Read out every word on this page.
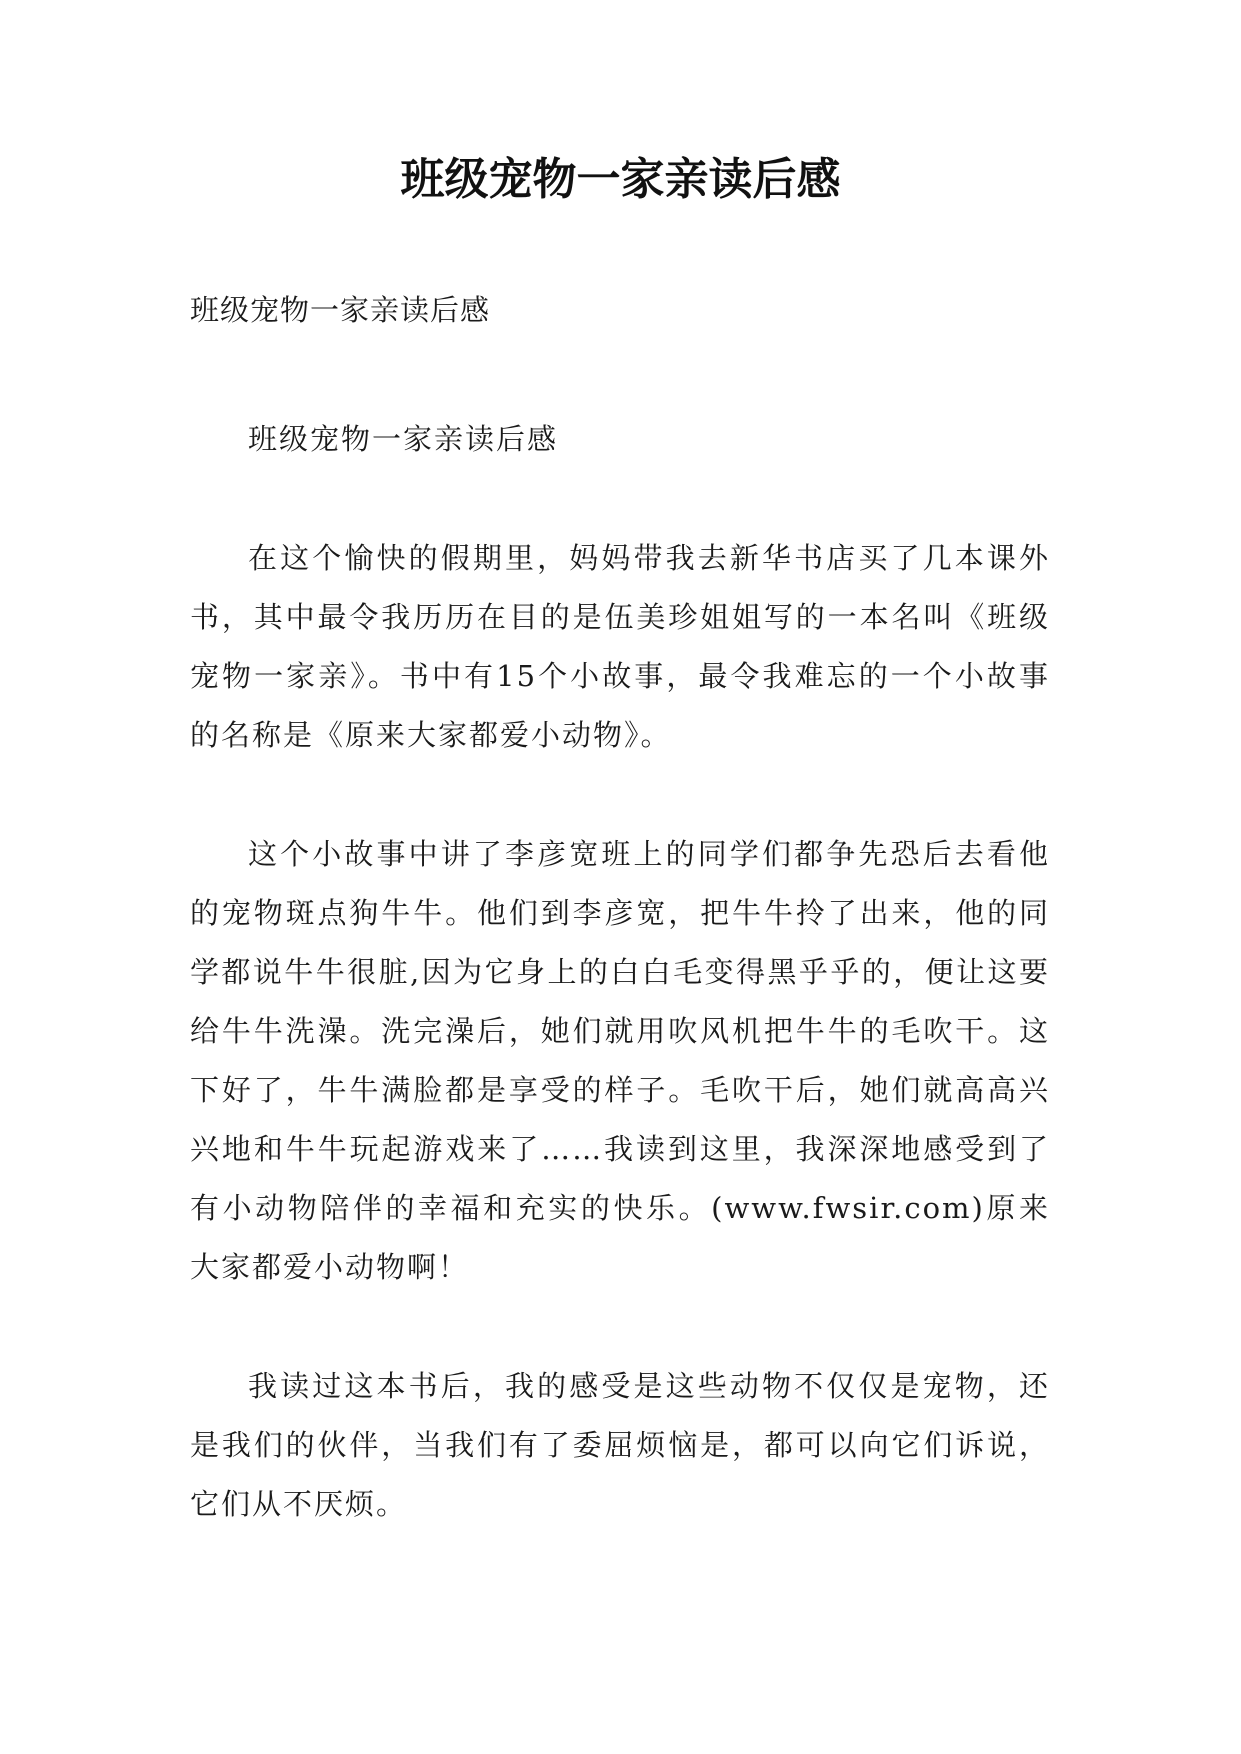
班级宠物一家亲读后感

班级宠物一家亲读后感

班级宠物一家亲读后感

在这个愉快的假期里，妈妈带我去新华书店买了几本课外书，其中最令我历历在目的是伍美珍姐姐写的一本名叫《班级宠物一家亲》。书中有15个小故事，最令我难忘的一个小故事的名称是《原来大家都爱小动物》。

这个小故事中讲了李彦宽班上的同学们都争先恐后去看他的宠物斑点狗牛牛。他们到李彦宽，把牛牛拎了出来，他的同学都说牛牛很脏,因为它身上的白白毛变得黑乎乎的，便让这要给牛牛洗澡。洗完澡后，她们就用吹风机把牛牛的毛吹干。这下好了，牛牛满脸都是享受的样子。毛吹干后，她们就高高兴兴地和牛牛玩起游戏来了……我读到这里，我深深地感受到了有小动物陪伴的幸福和充实的快乐。(www.fwsir.com)原来大家都爱小动物啊！

我读过这本书后，我的感受是这些动物不仅仅是宠物，还是我们的伙伴，当我们有了委屈烦恼是，都可以向它们诉说，它们从不厌烦。
